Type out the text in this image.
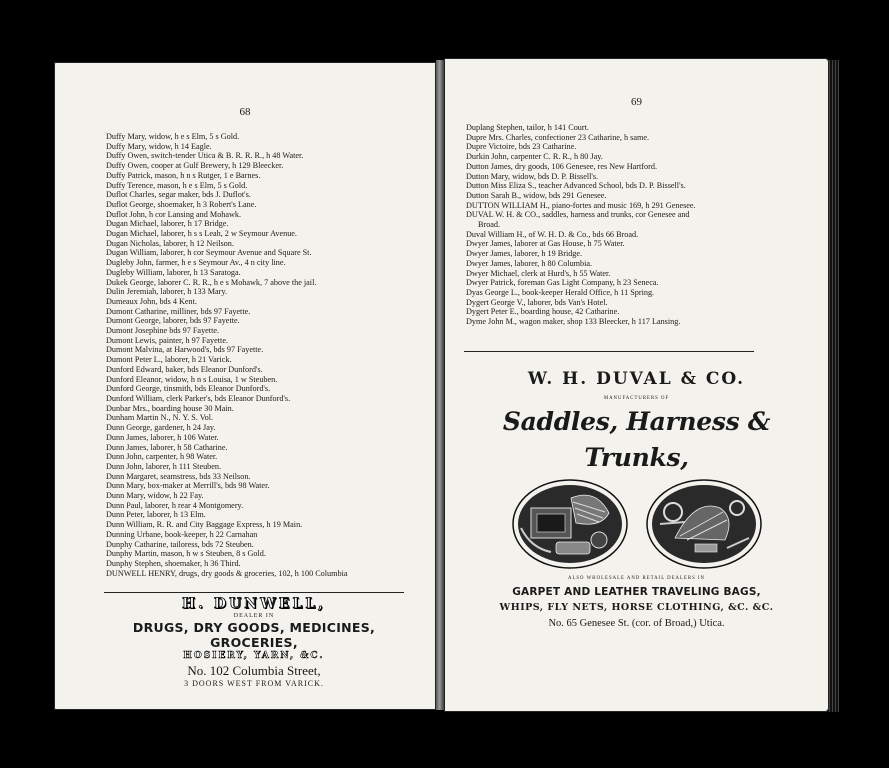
68
Duffy Mary, widow, h e s Elm, 5 s Gold.
Duffy Mary, widow, h 14 Eagle.
Duffy Owen, switch-tender Utica & B. R. R. R., h 48 Water.
Duffy Owen, cooper at Gulf Brewery, h 129 Bleecker.
Duffy Patrick, mason, h n s Rutger, 1 e Barnes.
Duffy Terence, mason, h e s Elm, 5 s Gold.
Duflot Charles, segar maker, bds J. Duflot's.
Duflot George, shoemaker, h 3 Robert's Lane.
Duflot John, h cor Lansing and Mohawk.
Dugan Michael, laborer, h 17 Bridge.
Dugan Michael, laborer, h s s Leah, 2 w Seymour Avenue.
Dugan Nicholas, laborer, h 12 Neilson.
Dugan William, laborer, h cor Seymour Avenue and Square St.
Dugleby John, farmer, h e s Seymour Av., 4 n city line.
Dugleby William, laborer, h 13 Saratoga.
Dukek George, laborer C. R. R., h e s Mohawk, 7 above the jail.
Dulin Jeremiah, laborer, h 133 Mary.
Dumeaux John, bds 4 Kent.
Dumont Catharine, milliner, bds 97 Fayette.
Dumont George, laborer, bds 97 Fayette.
Dumont Josephine bds 97 Fayette.
Dumont Lewis, painter, h 97 Fayette.
Dumont Malvina, at Harwood's, bds 97 Fayette.
Dumont Peter L., laborer, h 21 Varick.
Dunford Edward, baker, bds Eleanor Dunford's.
Dunford Eleanor, widow, h n s Louisa, 1 w Steuben.
Dunford George, tinsmith, bds Eleanor Dunford's.
Dunford William, clerk Parker's, bds Eleanor Dunford's.
Dunbar Mrs., boarding house 30 Main.
Dunham Martin N., N. Y. S. Vol.
Dunn George, gardener, h 24 Jay.
Dunn James, laborer, h 106 Water.
Dunn James, laborer, h 58 Catharine.
Dunn John, carpenter, h 98 Water.
Dunn John, laborer, h 111 Steuben.
Dunn Margaret, seamstress, bds 33 Neilson.
Dunn Mary, box-maker at Merrill's, bds 98 Water.
Dunn Mary, widow, h 22 Fay.
Dunn Paul, laborer, h rear 4 Montgomery.
Dunn Peter, laborer, h 13 Elm.
Dunn William, R. R. and City Baggage Express, h 19 Main.
Dunning Urbane, book-keeper, h 22 Carnahan
Dunphy Catharine, tailoress, bds 72 Steuben.
Dunphy Martin, mason, h w s Steuben, 8 s Gold.
Dunphy Stephen, shoemaker, h 36 Third.
DUNWELL HENRY, drugs, dry goods & groceries, 102, h 100 Columbia
H. DUNWELL,
DEALER IN
DRUGS, DRY GOODS, MEDICINES, GROCERIES,
HOSIERY, YARN, &C.
No. 102 Columbia Street,
3 DOORS WEST FROM VARICK.
69
Duplang Stephen, tailor, h 141 Court.
Dupre Mrs. Charles, confectioner 23 Catharine, h same.
Dupre Victoire, bds 23 Catharine.
Durkin John, carpenter C. R. R., h 80 Jay.
Dutton James, dry goods, 106 Genesee, res New Hartford.
Dutton Mary, widow, bds D. P. Bissell's.
Dutton Miss Eliza S., teacher Advanced School, bds D. P. Bissell's.
Dutton Sarah B., widow, bds 291 Genesee.
DUTTON WILLIAM H., piano-fortes and music 169, h 291 Genesee.
DUVAL W. H. & CO., saddles, harness and trunks, cor Genesee and
Broad.
Duval William H., of W. H. D. & Co., bds 66 Broad.
Dwyer James, laborer at Gas House, h 75 Water.
Dwyer James, laborer, h 19 Bridge.
Dwyer James, laborer, h 80 Columbia.
Dwyer Michael, clerk at Hurd's, h 55 Water.
Dwyer Patrick, foreman Gas Light Company, h 23 Seneca.
Dyas George L., book-keeper Herald Office, h 11 Spring.
Dygert George V., laborer, bds Van's Hotel.
Dygert Peter E., boarding house, 42 Catharine.
Dyme John M., wagon maker, shop 133 Bleecker, h 117 Lansing.
W. H. DUVAL & CO.
MANUFACTURERS OF
Saddles, Harness & Trunks,

ALSO WHOLESALE AND RETAIL DEALERS IN
GARPET AND LEATHER TRAVELING BAGS,
WHIPS, FLY NETS, HORSE CLOTHING, &C. &C.
No. 65 Genesee St. (cor. of Broad,) Utica.
